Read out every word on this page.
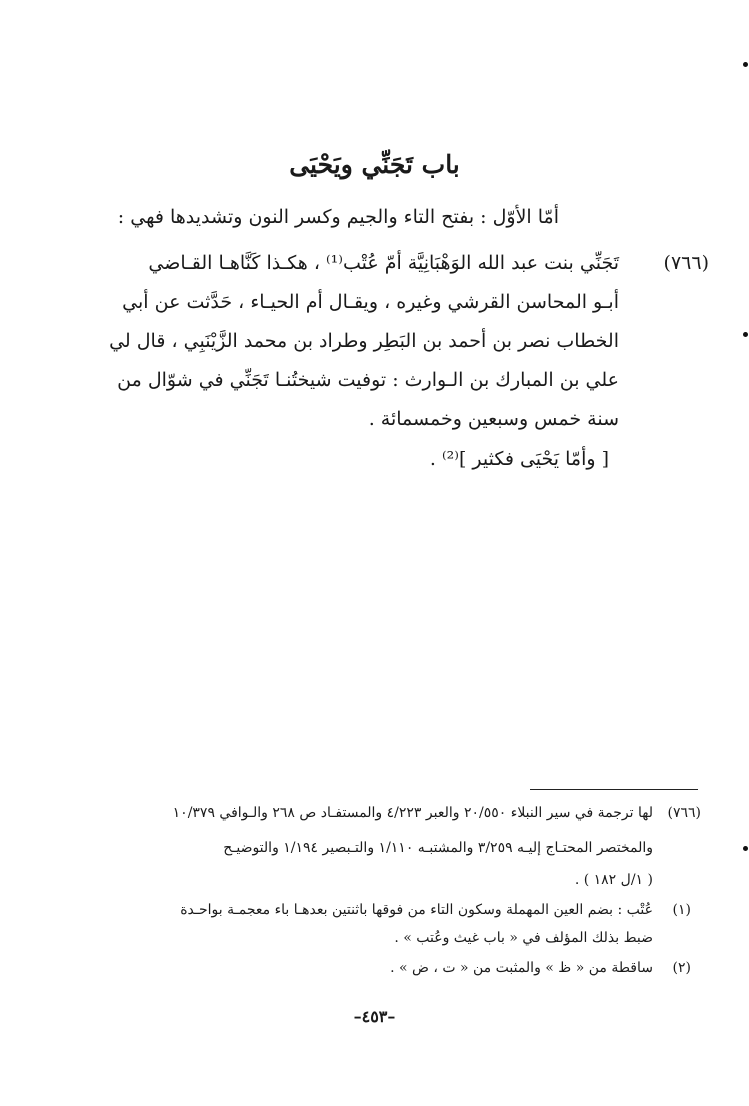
باب تَجَنِّي ويَحْيَى
أمّا الأوّل : بفتح التاء والجيم وكسر النون وتشديدها فهي :
(٧٦٦)
تَجَنِّي بنت عبد الله الوَهْبَانِيَّة أمّ عُتْب⁽¹⁾ ، هكـذا كَنَّاهـا القـاضي
أبـو المحاسن القرشي وغيره ، ويقـال أم الحيـاء ، حَدَّثت عن أبي
الخطاب نصر بن أحمد بن البَطِر وطراد بن محمد الزَّيْنَبِي ، قال لي
علي بن المبارك بن الـوارث : توفيت شيختُنـا تَجَنِّي في شوّال من
سنة خمس وسبعين وخمسمائة .
[ وأمّا يَحْيَى فكثير ]⁽²⁾ .
(٧٦٦)
لها ترجمة في سير النبلاء ٢٠/٥٥٠ والعبر ٤/٢٢٣ والمستفـاد ص ٢٦٨ والـوافي ١٠/٣٧٩
والمختصر المحتـاج إليـه ٣/٢٥٩ والمشتبـه ١/١١٠ والتـبصير ١/١٩٤ والتوضيـح
( ١/ل ١٨٢ ) .
(١)
عُتْب : بضم العين المهملة وسكون التاء من فوقها باثنتين بعدهـا باء معجمـة بواحـدة
ضبط بذلك المؤلف في « باب غيث وعُتب » .
(٢)
ساقطة من « ظ » والمثبت من « ت ، ض » .
–٤٥٣–
